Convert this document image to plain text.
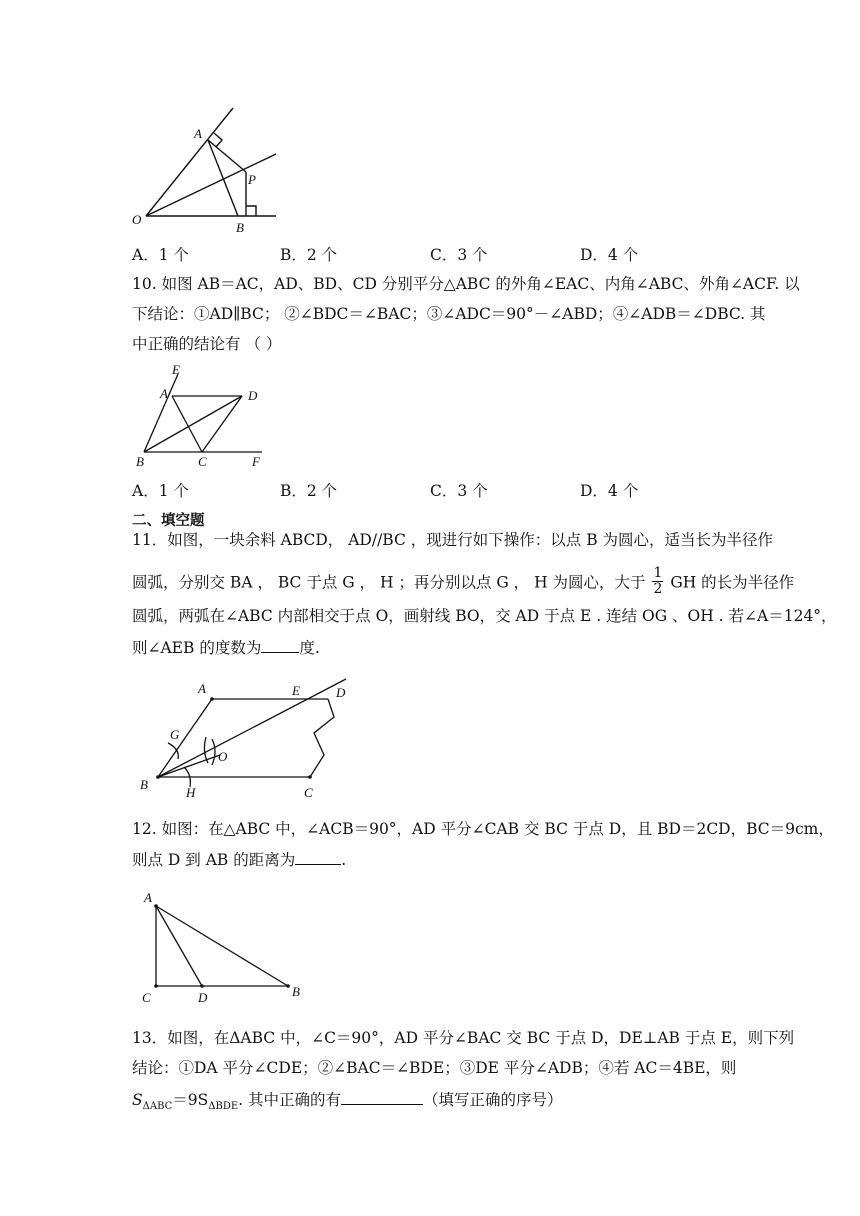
A
O
P
B
A．1 个	B．2 个	C．3 个	D．4 个
10. 如图 AB＝AC，AD、BD、CD 分别平分△ABC 的外角∠EAC、内角∠ABC、外角∠ACF. 以
下结论：①AD∥BC； ②∠BDC＝∠BAC；③∠ADC＝90°－∠ABD；④∠ADB＝∠DBC. 其
中正确的结论有 （ ）
E
A	D
B	C	F
A．1 个	B．2 个	C．3 个	D．4 个
二、填空题
11．如图，一块余料 ABCD， AD//BC ，现进行如下操作：以点 B 为圆心，适当长为半径作
圆弧，分别交 BA ， BC 于点 G ， H ；再分别以点 G ， H 为圆心，大于 $\frac{1}{2}$ GH 的长为半径作
圆弧，两弧在∠ABC 内部相交于点 O，画射线 BO，交 AD 于点 E . 连结 OG 、OH . 若∠A＝124°，
则∠AEB 的度数为 度.
A	E	D
G
O
B
H	C
12. 如图：在△ABC 中，∠ACB＝90°，AD 平分∠CAB 交 BC 于点 D，且 BD＝2CD，BC＝9cm，
则点 D 到 AB 的距离为	.
A
C	D	B
13．如图，在ΔABC 中，∠C＝90°，AD 平分∠BAC 交 BC 于点 D，DE⊥AB 于点 E，则下列
结论：①DA 平分∠CDE；②∠BAC＝∠BDE；③DE 平分∠ADB；④若 AC＝4BE，则
$S_{\Delta ABC}=9S_{\Delta BDE}$. 其中正确的有	（填写正确的序号）
